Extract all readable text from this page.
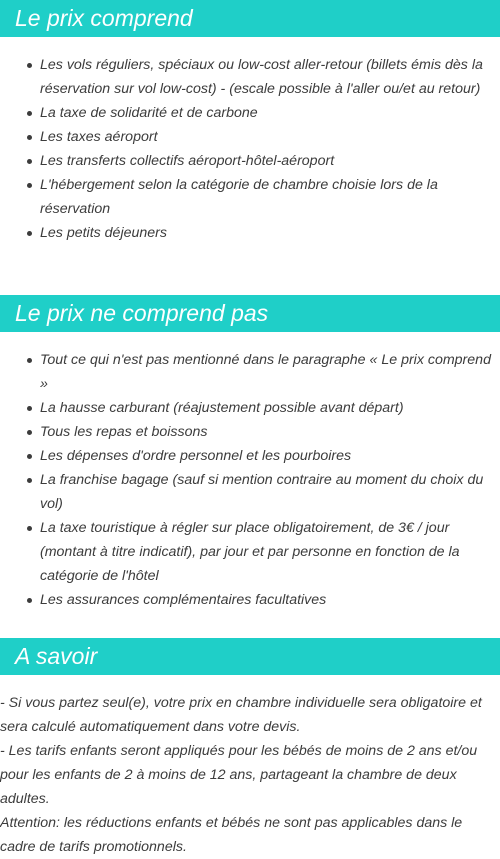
Le prix comprend
Les vols réguliers, spéciaux ou low-cost aller-retour (billets émis dès la réservation sur vol low-cost) - (escale possible à l'aller ou/et au retour)
La taxe de solidarité et de carbone
Les taxes aéroport
Les transferts collectifs aéroport-hôtel-aéroport
L'hébergement selon la catégorie de chambre choisie lors de la réservation
Les petits déjeuners
Le prix ne comprend pas
Tout ce qui n'est pas mentionné dans le paragraphe « Le prix comprend »
La hausse carburant (réajustement possible avant départ)
Tous les repas et boissons
Les dépenses d'ordre personnel et les pourboires
La franchise bagage (sauf si mention contraire au moment du choix du vol)
La taxe touristique à régler sur place obligatoirement, de 3€ / jour (montant à titre indicatif), par jour et par personne en fonction de la catégorie de l'hôtel
Les assurances complémentaires facultatives
A savoir
- Si vous partez seul(e), votre prix en chambre individuelle sera obligatoire et sera calculé automatiquement dans votre devis.
- Les tarifs enfants seront appliqués pour les bébés de moins de 2 ans et/ou pour les enfants de 2 à moins de 12 ans, partageant la chambre de deux adultes.
Attention: les réductions enfants et bébés ne sont pas applicables dans le cadre de tarifs promotionnels.
